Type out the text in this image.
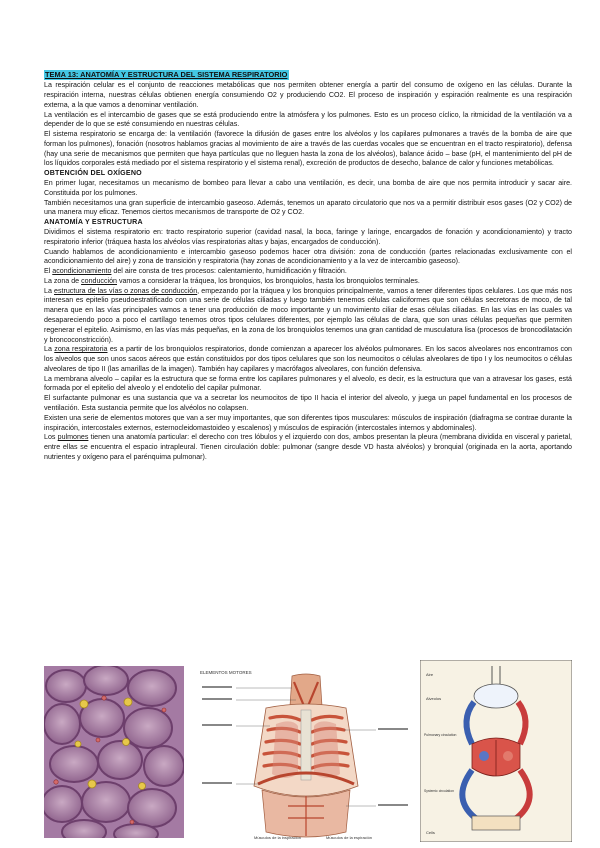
TEMA 13: ANATOMÍA Y ESTRUCTURA DEL SISTEMA RESPIRATORIO

La respiración celular es el conjunto de reacciones metabólicas que nos permiten obtener energía a partir del consumo de oxígeno en las células. Durante la respiración interna, nuestras células obtienen energía consumiendo O2 y produciendo CO2. El proceso de inspiración y espiración realmente es una respiración externa, a la que vamos a denominar ventilación.

La ventilación es el intercambio de gases que se está produciendo entre la atmósfera y los pulmones. Esto es un proceso cíclico, la ritmicidad de la ventilación va a depender de lo que se esté consumiendo en nuestras células.

El sistema respiratorio se encarga de: la ventilación (favorece la difusión de gases entre los alvéolos y los capilares pulmonares a través de la bomba de aire que forman los pulmones), fonación (nosotros hablamos gracias al movimiento de aire a través de las cuerdas vocales que se encuentran en el tracto respiratorio), defensa (hay una serie de mecanismos que permiten que haya partículas que no lleguen hasta la zona de los alvéolos), balance ácido – base (pH, el mantenimiento del pH de los líquidos corporales está mediado por el sistema respiratorio y el sistema renal), excreción de productos de desecho, balance de calor y funciones metabólicas.

OBTENCIÓN DEL OXÍGENO

En primer lugar, necesitamos un mecanismo de bombeo para llevar a cabo una ventilación, es decir, una bomba de aire que nos permita introducir y sacar aire. Constituida por los pulmones.

También necesitamos una gran superficie de intercambio gaseoso. Además, tenemos un aparato circulatorio que nos va a permitir distribuir esos gases (O2 y CO2) de una manera muy eficaz. Tenemos ciertos mecanismos de transporte de O2 y CO2.

ANATOMÍA Y ESTRUCTURA

Dividimos el sistema respiratorio en: tracto respiratorio superior (cavidad nasal, la boca, faringe y laringe, encargados de fonación y acondicionamiento) y tracto respiratorio inferior (tráquea hasta los alvéolos vías respiratorias altas y bajas, encargados de conducción).

Cuando hablamos de acondicionamiento e intercambio gaseoso podemos hacer otra división: zona de conducción (partes relacionadas exclusivamente con el acondicionamiento del aire) y zona de transición y respiratoria (hay zonas de acondicionamiento y a la vez de intercambio gaseoso).

El acondicionamiento del aire consta de tres procesos: calentamiento, humidificación y filtración.

La zona de conducción vamos a considerar la tráquea, los bronquios, los bronquiolos, hasta los bronquiolos terminales.

La estructura de las vías o zonas de conducción, empezando por la tráquea y los bronquios principalmente, vamos a tener diferentes tipos celulares. Los que más nos interesan es epitelio pseudoestratificado con una serie de células ciliadas y luego también tenemos células caliciformes que son células secretoras de moco, de tal manera que en las vías principales vamos a tener una producción de moco importante y un movimiento ciliar de esas células ciliadas. En las vías en las cuales va desapareciendo poco a poco el cartílago tenemos otros tipos celulares diferentes, por ejemplo las células de clara, que son unas células pequeñas que permiten regenerar el epitelio. Asimismo, en las vías más pequeñas, en la zona de los bronquiolos tenemos una gran cantidad de musculatura lisa (procesos de broncodilatación y broncoconstricción).

La zona respiratoria es a partir de los bronquiolos respiratorios, donde comienzan a aparecer los alvéolos pulmonares. En los sacos alveolares nos encontramos con los alveolos que son unos sacos aéreos que están constituidos por dos tipos celulares que son los neumocitos o células alveolares de tipo I y los neumocitos o células alveolares de tipo II (las amarillas de la imagen). También hay capilares y macrófagos alveolares, con función defensiva.

La membrana alveolo – capilar es la estructura que se forma entre los capilares pulmonares y el alveolo, es decir, es la estructura que van a atravesar los gases, está formada por el epitelio del alveolo y el endotelio del capilar pulmonar.

El surfactante pulmonar es una sustancia que va a secretar los neumocitos de tipo II hacia el interior del alveolo, y juega un papel fundamental en los procesos de ventilación. Esta sustancia permite que los alvéolos no colapsen.

Existen una serie de elementos motores que van a ser muy importantes, que son diferentes tipos musculares: músculos de inspiración (diafragma se contrae durante la inspiración, intercostales externos, esternocleidomastoideo y escalenos) y músculos de espiración (intercostales internos y abdominales).

Los pulmones tienen una anatomía particular: el derecho con tres lóbulos y el izquierdo con dos, ambos presentan la pleura (membrana dividida en visceral y parietal, entre ellas se encuentra el espacio intrapleural. Tienen circulación doble: pulmonar (sangre desde VD hasta alvéolos) y bronquial (originada en la aorta, aportando nutrientes y oxígeno para el parénquima pulmonar).

ELEMENTOS MOTORES
Músculos de la inspiración	Músculos de la espiración
Aire
Alveolos
Pulmonary circulation
Systemic circulation
Cells
